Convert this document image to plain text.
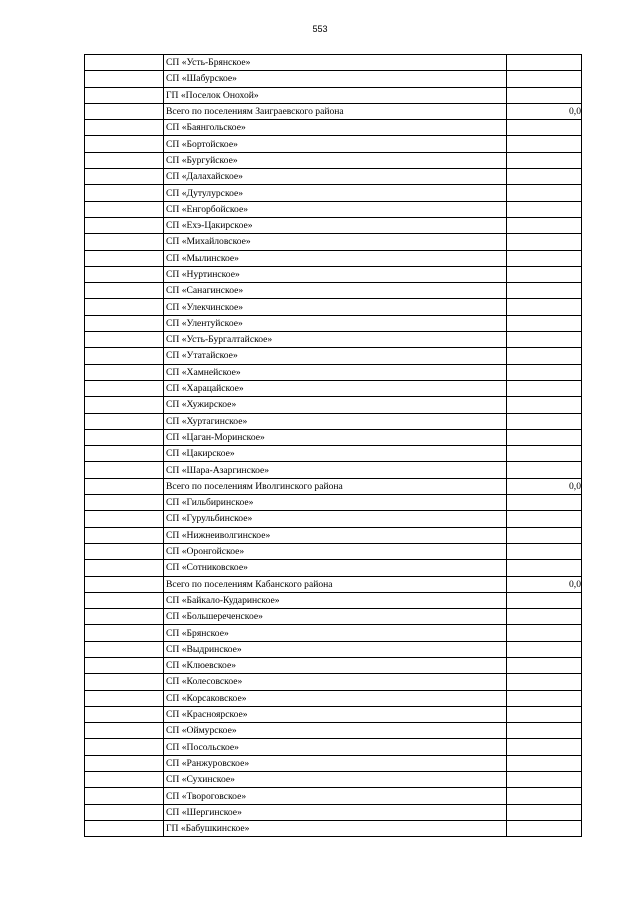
553
	СП «Усть-Брянское»	
	СП «Шабурское»	
	ГП «Поселок Онохой»	
	Всего по поселениям Заиграевского района	0,0
	СП «Баянгольское»	
	СП «Бортойское»	
	СП «Бургуйское»	
	СП «Далахайское»	
	СП «Дутулурское»	
	СП «Енгорбойское»	
	СП «Ехэ-Цакирское»	
	СП «Михайловское»	
	СП «Мылинское»	
	СП «Нуртинское»	
	СП «Санагинское»	
	СП «Улекчинское»	
	СП «Улентуйское»	
	СП «Усть-Бургалтайское»	
	СП «Утатайское»	
	СП «Хамнейское»	
	СП «Харацайское»	
	СП «Хужирское»	
	СП «Хуртагинское»	
	СП «Цаган-Моринское»	
	СП «Цакирское»	
	СП «Шара-Азаргинское»	
	Всего по поселениям Иволгинского района	0,0
	СП «Гильбиринское»	
	СП «Гурульбинское»	
	СП «Нижнеиволгинское»	
	СП «Оронгойское»	
	СП «Сотниковское»	
	Всего по поселениям Кабанского района	0,0
	СП «Байкало-Кударинское»	
	СП «Большереченское»	
	СП «Брянское»	
	СП «Выдринское»	
	СП «Клюевское»	
	СП «Колесовское»	
	СП «Корсаковское»	
	СП «Красноярское»	
	СП «Оймурское»	
	СП «Посольское»	
	СП «Ранжуровское»	
	СП «Сухинское»	
	СП «Твороговское»	
	СП «Шергинское»	
	ГП «Бабушкинское»	
